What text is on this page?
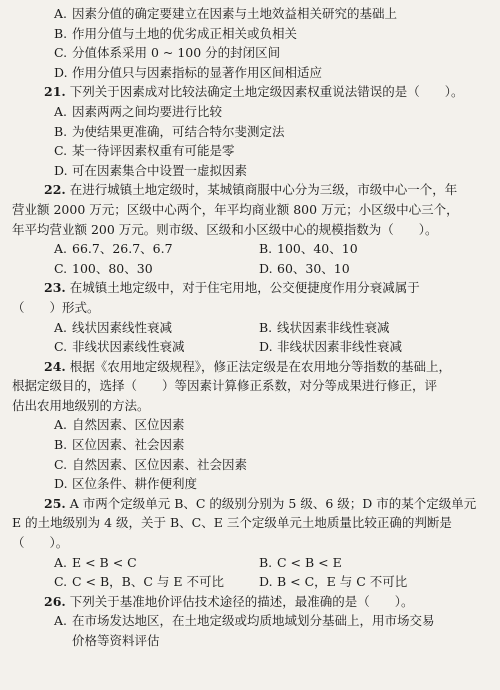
A. 因素分值的确定要建立在因素与土地效益相关研究的基础上
B. 作用分值与土地的优劣成正相关或负相关
C. 分值体系采用 0 ~ 100 分的封闭区间
D. 作用分值只与因素指标的显著作用区间相适应
21. 下列关于因素成对比较法确定土地定级因素权重说法错误的是（　　）。
A. 因素两两之间均要进行比较
B. 为使结果更准确，可结合特尔斐测定法
C. 某一待评因素权重有可能是零
D. 可在因素集合中设置一虚拟因素
22. 在进行城镇土地定级时，某城镇商服中心分为三级，市级中心一个，年
营业额 2000 万元；区级中心两个，年平均商业额 800 万元；小区级中心三个，
年平均营业额 200 万元。则市级、区级和小区级中心的规模指数为（　　）。
A. 66.7、26.7、6.7	B. 100、40、10
C. 100、80、30	D. 60、30、10
23. 在城镇土地定级中，对于住宅用地，公交便捷度作用分衰减属于
（　　）形式。
A. 线状因素线性衰减	B. 线状因素非线性衰减
C. 非线状因素线性衰减	D. 非线状因素非线性衰减
24. 根据《农用地定级规程》，修正法定级是在农用地分等指数的基础上，
根据定级目的，选择（　　）等因素计算修正系数，对分等成果进行修正，评
估出农用地级别的方法。
A. 自然因素、区位因素
B. 区位因素、社会因素
C. 自然因素、区位因素、社会因素
D. 区位条件、耕作便利度
25. A 市两个定级单元 B、C 的级别分别为 5 级、6 级；D 市的某个定级单元
E 的土地级别为 4 级，关于 B、C、E 三个定级单元土地质量比较正确的判断是
（　　）。
A. E < B < C	B. C < B < E
C. C < B，B、C 与 E 不可比	D. B < C，E 与 C 不可比
26. 下列关于基准地价评估技术途径的描述，最准确的是（　　）。
A. 在市场发达地区，在土地定级或均质地域划分基础上，用市场交易
价格等资料评估
